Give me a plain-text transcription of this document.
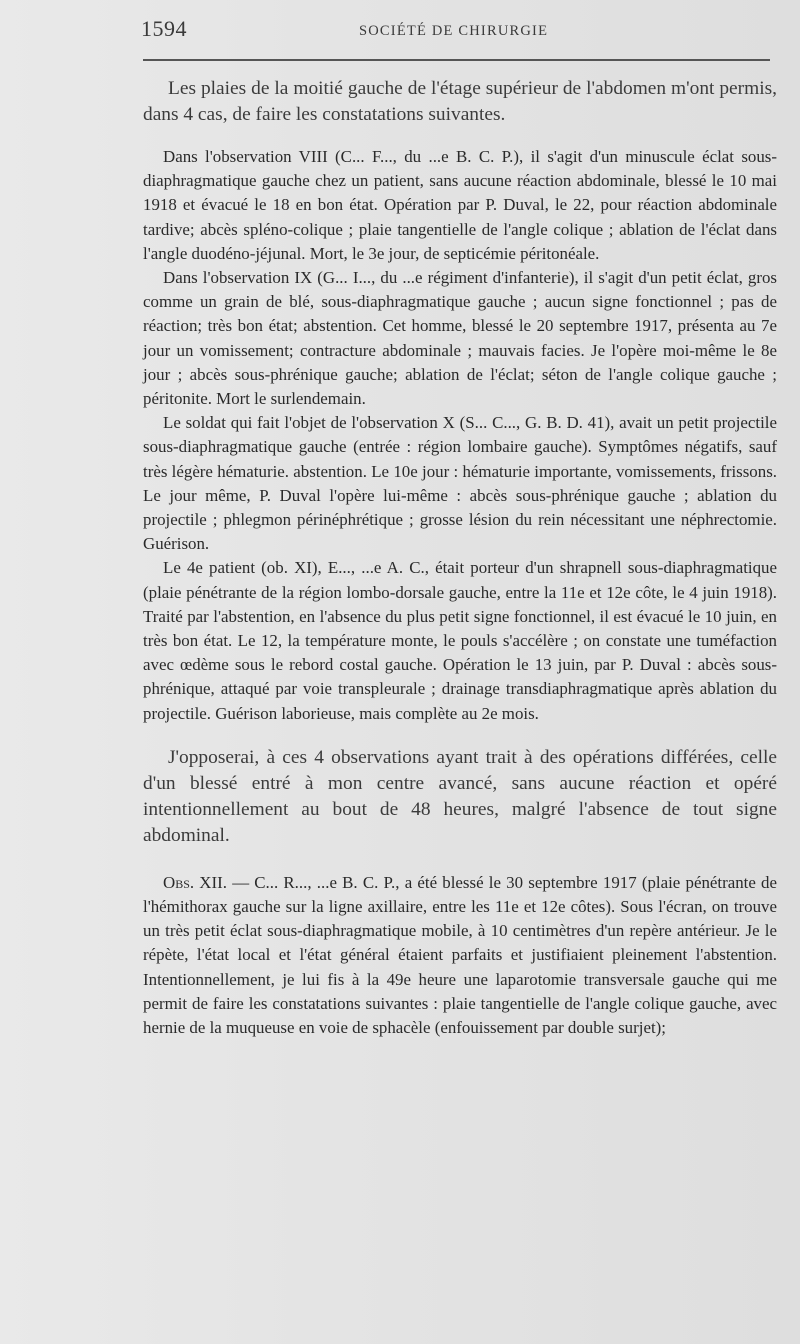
1594	SOCIÉTÉ DE CHIRURGIE

Les plaies de la moitié gauche de l'étage supérieur de l'abdomen m'ont permis, dans 4 cas, de faire les constatations suivantes.

Dans l'observation VIII (C... F..., du ...e B. C. P.), il s'agit d'un minuscule éclat sous-diaphragmatique gauche chez un patient, sans aucune réaction abdominale, blessé le 10 mai 1918 et évacué le 18 en bon état. Opération par P. Duval, le 22, pour réaction abdominale tardive; abcès spléno-colique ; plaie tangentielle de l'angle colique ; ablation de l'éclat dans l'angle duodéno-jéjunal. Mort, le 3e jour, de septicémie péritonéale.

Dans l'observation IX (G... I..., du ...e régiment d'infanterie), il s'agit d'un petit éclat, gros comme un grain de blé, sous-diaphragmatique gauche ; aucun signe fonctionnel ; pas de réaction; très bon état; abstention. Cet homme, blessé le 20 septembre 1917, présenta au 7e jour un vomissement; contracture abdominale ; mauvais facies. Je l'opère moi-même le 8e jour ; abcès sous-phrénique gauche; ablation de l'éclat; séton de l'angle colique gauche ; péritonite. Mort le surlendemain.

Le soldat qui fait l'objet de l'observation X (S... C..., G. B. D. 41), avait un petit projectile sous-diaphragmatique gauche (entrée : région lombaire gauche). Symptômes négatifs, sauf très légère hématurie. abstention. Le 10e jour : hématurie importante, vomissements, frissons. Le jour même, P. Duval l'opère lui-même : abcès sous-phrénique gauche ; ablation du projectile ; phlegmon périnéphrétique ; grosse lésion du rein nécessitant une néphrectomie. Guérison.

Le 4e patient (ob. XI), E..., ...e A. C., était porteur d'un shrapnell sous-diaphragmatique (plaie pénétrante de la région lombo-dorsale gauche, entre la 11e et 12e côte, le 4 juin 1918). Traité par l'abstention, en l'absence du plus petit signe fonctionnel, il est évacué le 10 juin, en très bon état. Le 12, la température monte, le pouls s'accélère ; on constate une tuméfaction avec œdème sous le rebord costal gauche. Opération le 13 juin, par P. Duval : abcès sous-phrénique, attaqué par voie transpleurale ; drainage transdiaphragmatique après ablation du projectile. Guérison laborieuse, mais complète au 2e mois.

J'opposerai, à ces 4 observations ayant trait à des opérations différées, celle d'un blessé entré à mon centre avancé, sans aucune réaction et opéré intentionnellement au bout de 48 heures, malgré l'absence de tout signe abdominal.

Obs. XII. — C... R..., ...e B. C. P., a été blessé le 30 septembre 1917 (plaie pénétrante de l'hémithorax gauche sur la ligne axillaire, entre les 11e et 12e côtes). Sous l'écran, on trouve un très petit éclat sous-diaphragmatique mobile, à 10 centimètres d'un repère antérieur. Je le répète, l'état local et l'état général étaient parfaits et justifiaient pleinement l'abstention. Intentionnellement, je lui fis à la 49e heure une laparotomie transversale gauche qui me permit de faire les constatations suivantes : plaie tangentielle de l'angle colique gauche, avec hernie de la muqueuse en voie de sphacèle (enfouissement par double surjet);
